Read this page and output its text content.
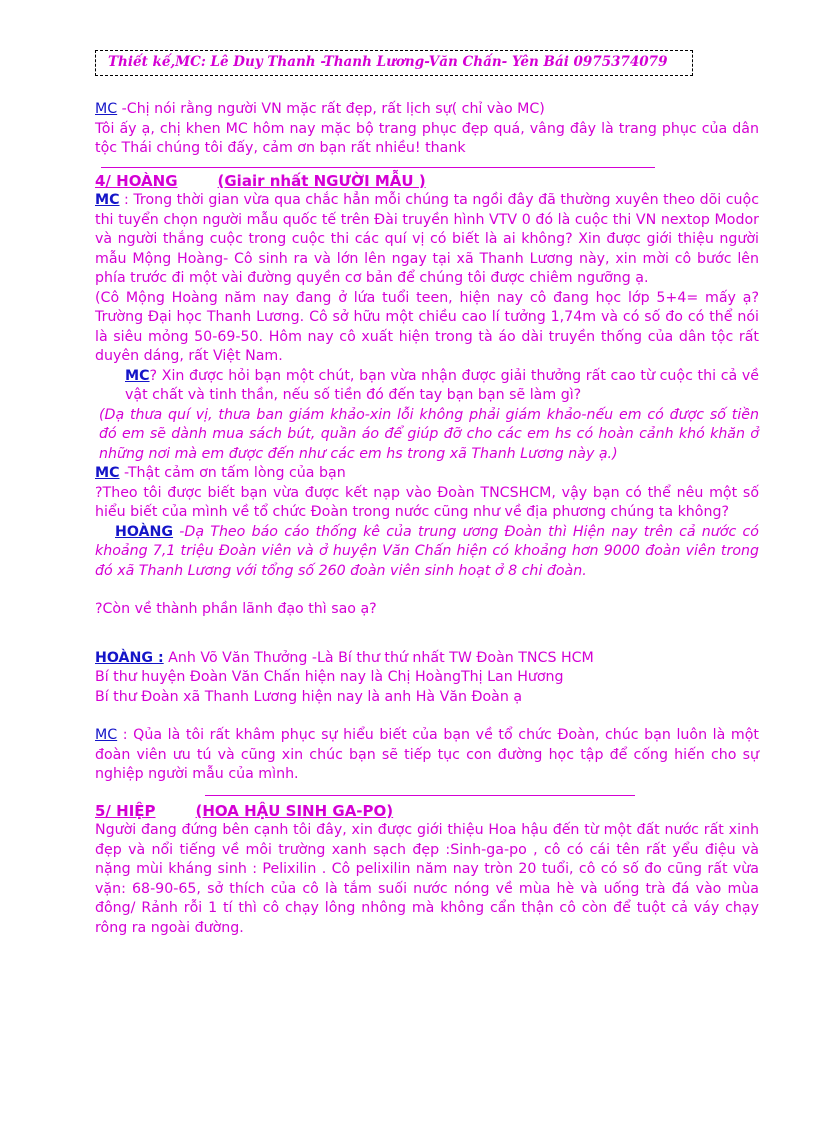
Thiết kế,MC: Lê Duy Thanh -Thanh Lương-Văn Chấn- Yên Bái 0975374079

MC -Chị nói rằng người VN mặc rất đẹp, rất lịch sự( chỉ vào MC)

Tôi ấy ạ, chị khen MC hôm nay mặc bộ trang phục đẹp quá, vâng đây là trang phục của dân tộc Thái chúng tôi đấy, cảm ơn bạn rất nhiều! thank

4/ HOÀNG	(Giair nhất NGƯỜI MẪU )

MC : Trong thời gian vừa qua chắc hẳn mỗi chúng ta ngồi đây đã thường xuyên theo dõi cuộc thi tuyển chọn người mẫu quốc tế trên Đài truyền hình VTV 0 đó là cuộc thi VN nextop Modor và người thắng cuộc trong cuộc thi các quí vị có biết là ai không? Xin được giới thiệu người mẫu Mộng Hoàng- Cô sinh ra và lớn lên ngay tại xã Thanh Lương này, xin mời cô bước lên phía trước đi một vài đường quyền cơ bản để chúng tôi được chiêm ngưỡng ạ.

(Cô Mộng Hoàng năm nay đang ở lứa tuổi teen, hiện nay cô đang học lớp 5+4= mấy ạ? Trường Đại học Thanh Lương. Cô sở hữu một chiều cao lí tưởng 1,74m và có số đo có thể nói là siêu mỏng 50-69-50. Hôm nay cô xuất hiện trong tà áo dài truyền thống của dân tộc rất duyên dáng, rất Việt Nam.

MC? Xin được hỏi bạn một chút, bạn vừa nhận được giải thưởng rất cao từ cuộc thi cả về vật chất và tinh thần, nếu số tiền đó đến tay bạn bạn sẽ làm gì?

(Dạ thưa quí vị, thưa ban giám khảo-xin lỗi không phải giám khảo-nếu em có được số tiền đó em sẽ dành mua sách bút, quần áo để giúp đỡ cho các em hs có hoàn cảnh khó khăn ở những nơi mà em được đến như các em hs trong xã Thanh Lương này ạ.)

MC -Thật cảm ơn tấm lòng của bạn

?Theo tôi được biết bạn vừa được kết nạp vào Đoàn TNCSHCM, vậy bạn có thể nêu một số hiểu biết của mình về tổ chức Đoàn trong nước cũng như về địa phương chúng ta không?

HOÀNG -Dạ Theo báo cáo thống kê của trung ương Đoàn thì Hiện nay trên cả nước có khoảng 7,1 triệu Đoàn viên và ở huyện Văn Chấn hiện có khoảng hơn 9000 đoàn viên trong đó xã Thanh Lương với tổng số 260 đoàn viên sinh hoạt ở 8 chi đoàn.

?Còn về thành phần lãnh đạo thì sao ạ?

HOÀNG : Anh Võ Văn Thưởng -Là Bí thư thứ nhất TW Đoàn TNCS HCM

Bí thư huyện Đoàn Văn Chấn hiện nay là Chị HoàngThị Lan Hương

Bí thư Đoàn xã Thanh Lương hiện nay là anh Hà Văn Đoàn ạ

MC : Qủa là tôi rất khâm phục sự hiểu biết của bạn về tổ chức Đoàn, chúc bạn luôn là một đoàn viên ưu tú và cũng xin chúc bạn sẽ tiếp tục con đường học tập để cống hiến cho sự nghiệp người mẫu của mình.

5/ HIỆP	(HOA HẬU SINH GA-PO)

Người đang đứng bên cạnh tôi đây, xin được giới thiệu Hoa hậu đến từ một đất nước rất xinh đẹp và nổi tiếng về môi trường xanh sạch đẹp :Sinh-ga-po , cô có cái tên rất yểu điệu và nặng mùi kháng sinh : Pelixilin . Cô pelixilin năm nay tròn 20 tuổi, cô có số đo cũng rất vừa vặn: 68-90-65, sở thích của cô là tắm suối nước nóng về mùa hè và uống trà đá vào mùa đông/ Rảnh rỗi 1 tí thì cô chạy lông nhông mà không cẩn thận cô còn để tuột cả váy chạy rông ra ngoài đường.
